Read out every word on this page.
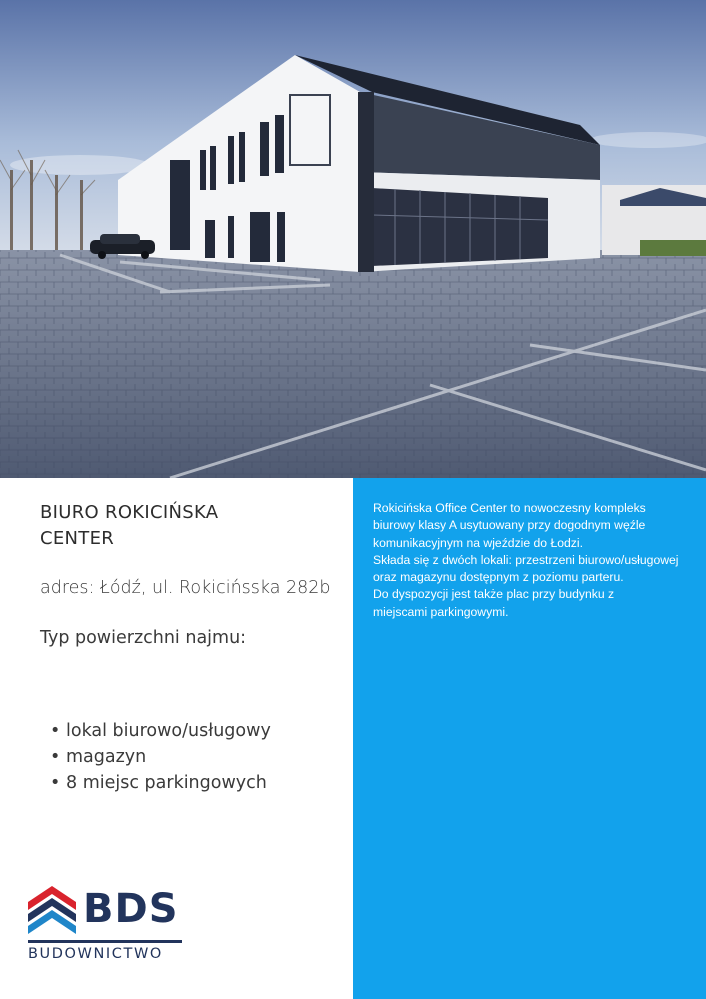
BIURO ROKICIŃSKA
CENTER
adres: Łódź, ul. Rokicińsska 282b
Typ powierzchni najmu:
• lokal biurowo/usługowy
• magazyn
• 8 miejsc parkingowych
BDS
BUDOWNICTWO

Rokicińska Office Center to nowoczesny kompleks

biurowy klasy A usytuowany przy dogodnym węźle

komunikacyjnym na wjeździe do Łodzi.

Składa się z dwóch lokali: przestrzeni biurowo/usługowej

oraz magazynu dostępnym z poziomu parteru.

Do dyspozycji jest także plac przy budynku z

miejscami parkingowymi.
